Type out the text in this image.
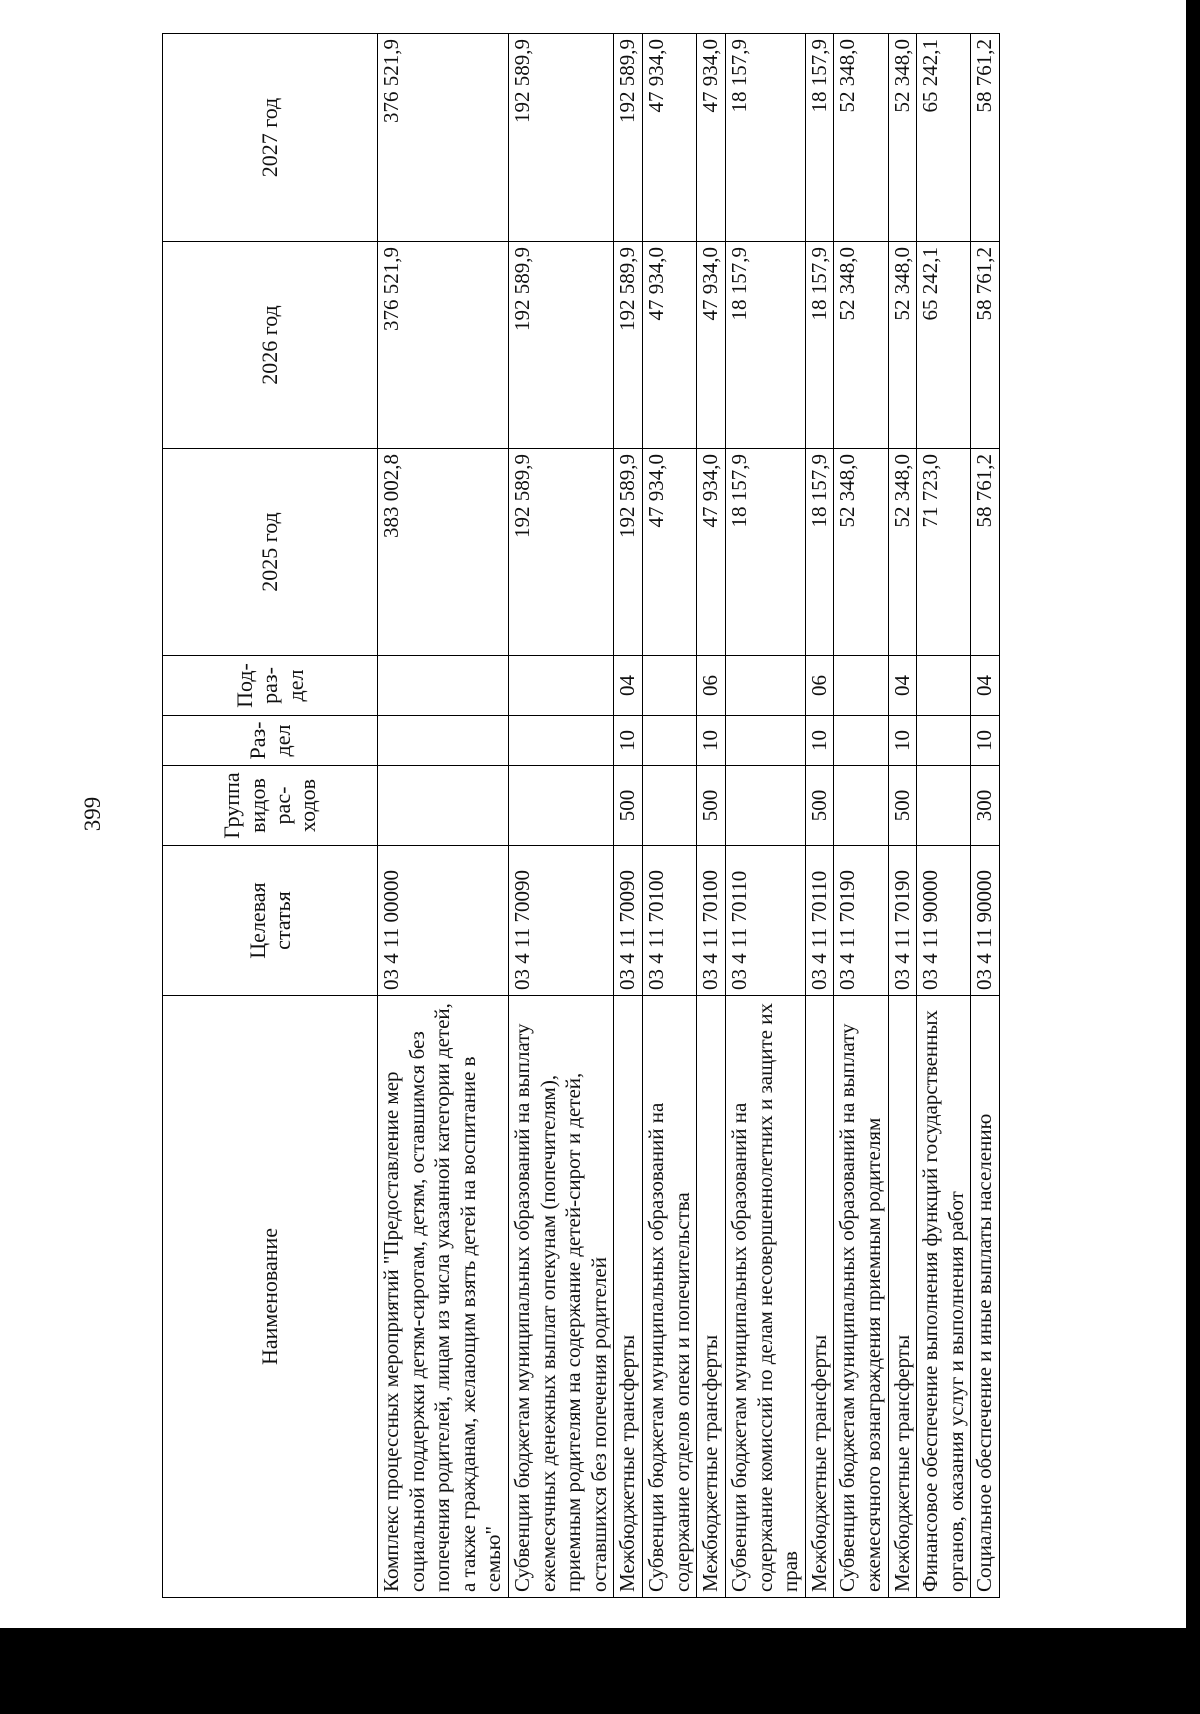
399
Наименование	Целевая статья	Группа видов рас-ходов	Раз-дел	Под-раз-дел	2025 год	2026 год	2027 год
Комплекс процессных мероприятий "Предоставление мер социальной поддержки детям-сиротам, детям, оставшимся без попечения родителей, лицам из числа указанной категории детей, а также гражданам, желающим взять детей на воспитание в семью"	03 4 11 00000				383 002,8	376 521,9	376 521,9
Субвенции бюджетам муниципальных образований на выплату ежемесячных денежных выплат опекунам (попечителям), приемным родителям на содержание детей-сирот и детей, оставшихся без попечения родителей	03 4 11 70090				192 589,9	192 589,9	192 589,9
Межбюджетные трансферты	03 4 11 70090	500	10	04	192 589,9	192 589,9	192 589,9
Субвенции бюджетам муниципальных образований на содержание отделов опеки и попечительства	03 4 11 70100				47 934,0	47 934,0	47 934,0
Межбюджетные трансферты	03 4 11 70100	500	10	06	47 934,0	47 934,0	47 934,0
Субвенции бюджетам муниципальных образований на содержание комиссий по делам несовершеннолетних и защите их прав	03 4 11 70110				18 157,9	18 157,9	18 157,9
Межбюджетные трансферты	03 4 11 70110	500	10	06	18 157,9	18 157,9	18 157,9
Субвенции бюджетам муниципальных образований на выплату ежемесячного вознаграждения приемным родителям	03 4 11 70190				52 348,0	52 348,0	52 348,0
Межбюджетные трансферты	03 4 11 70190	500	10	04	52 348,0	52 348,0	52 348,0
Финансовое обеспечение выполнения функций государственных органов, оказания услуг и выполнения работ	03 4 11 90000				71 723,0	65 242,1	65 242,1
Социальное обеспечение и иные выплаты населению	03 4 11 90000	300	10	04	58 761,2	58 761,2	58 761,2
